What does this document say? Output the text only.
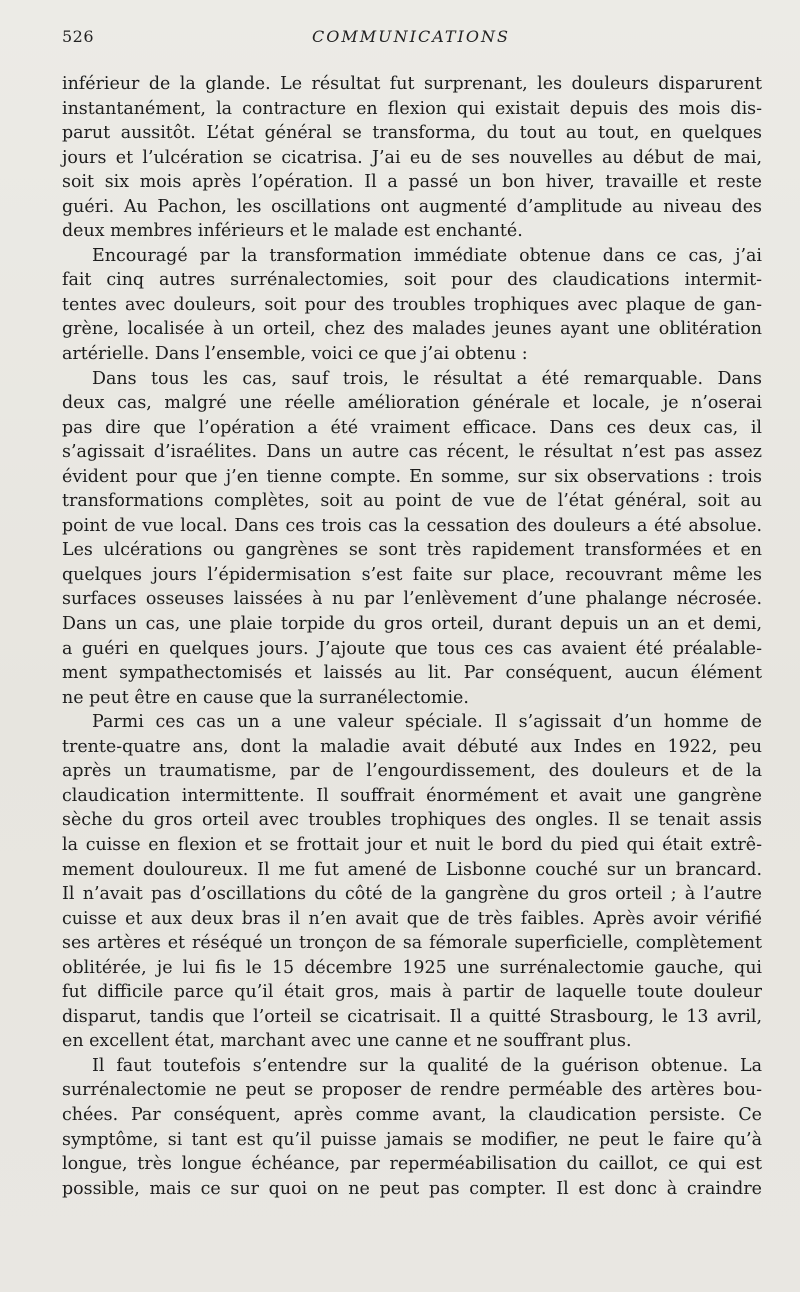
526	COMMUNICATIONS
inférieur de la glande. Le résultat fut surprenant, les douleurs disparurent
instantanément, la contracture en flexion qui existait depuis des mois dis-
parut aussitôt. L’état général se transforma, du tout au tout, en quelques
jours et l’ulcération se cicatrisa. J’ai eu de ses nouvelles au début de mai,
soit six mois après l’opération. Il a passé un bon hiver, travaille et reste
guéri. Au Pachon, les oscillations ont augmenté d’amplitude au niveau des
deux membres inférieurs et le malade est enchanté.
Encouragé par la transformation immédiate obtenue dans ce cas, j’ai
fait cinq autres surrénalectomies, soit pour des claudications intermit-
tentes avec douleurs, soit pour des troubles trophiques avec plaque de gan-
grène, localisée à un orteil, chez des malades jeunes ayant une oblitération
artérielle. Dans l’ensemble, voici ce que j’ai obtenu :
Dans tous les cas, sauf trois, le résultat a été remarquable. Dans
deux cas, malgré une réelle amélioration générale et locale, je n’oserai
pas dire que l’opération a été vraiment efficace. Dans ces deux cas, il
s’agissait d’israélites. Dans un autre cas récent, le résultat n’est pas assez
évident pour que j’en tienne compte. En somme, sur six observations : trois
transformations complètes, soit au point de vue de l’état général, soit au
point de vue local. Dans ces trois cas la cessation des douleurs a été absolue.
Les ulcérations ou gangrènes se sont très rapidement transformées et en
quelques jours l’épidermisation s’est faite sur place, recouvrant même les
surfaces osseuses laissées à nu par l’enlèvement d’une phalange nécrosée.
Dans un cas, une plaie torpide du gros orteil, durant depuis un an et demi,
a guéri en quelques jours. J’ajoute que tous ces cas avaient été préalable-
ment sympathectomisés et laissés au lit. Par conséquent, aucun élément
ne peut être en cause que la surranélectomie.
Parmi ces cas un a une valeur spéciale. Il s’agissait d’un homme de
trente-quatre ans, dont la maladie avait débuté aux Indes en 1922, peu
après un traumatisme, par de l’engourdissement, des douleurs et de la
claudication intermittente. Il souffrait énormément et avait une gangrène
sèche du gros orteil avec troubles trophiques des ongles. Il se tenait assis
la cuisse en flexion et se frottait jour et nuit le bord du pied qui était extrê-
mement douloureux. Il me fut amené de Lisbonne couché sur un brancard.
Il n’avait pas d’oscillations du côté de la gangrène du gros orteil ; à l’autre
cuisse et aux deux bras il n’en avait que de très faibles. Après avoir vérifié
ses artères et réséqué un tronçon de sa fémorale superficielle, complètement
oblitérée, je lui fis le 15 décembre 1925 une surrénalectomie gauche, qui
fut difficile parce qu’il était gros, mais à partir de laquelle toute douleur
disparut, tandis que l’orteil se cicatrisait. Il a quitté Strasbourg, le 13 avril,
en excellent état, marchant avec une canne et ne souffrant plus.
Il faut toutefois s’entendre sur la qualité de la guérison obtenue. La
surrénalectomie ne peut se proposer de rendre perméable des artères bou-
chées. Par conséquent, après comme avant, la claudication persiste. Ce
symptôme, si tant est qu’il puisse jamais se modifier, ne peut le faire qu’à
longue, très longue échéance, par reperméabilisation du caillot, ce qui est
possible, mais ce sur quoi on ne peut pas compter. Il est donc à craindre
